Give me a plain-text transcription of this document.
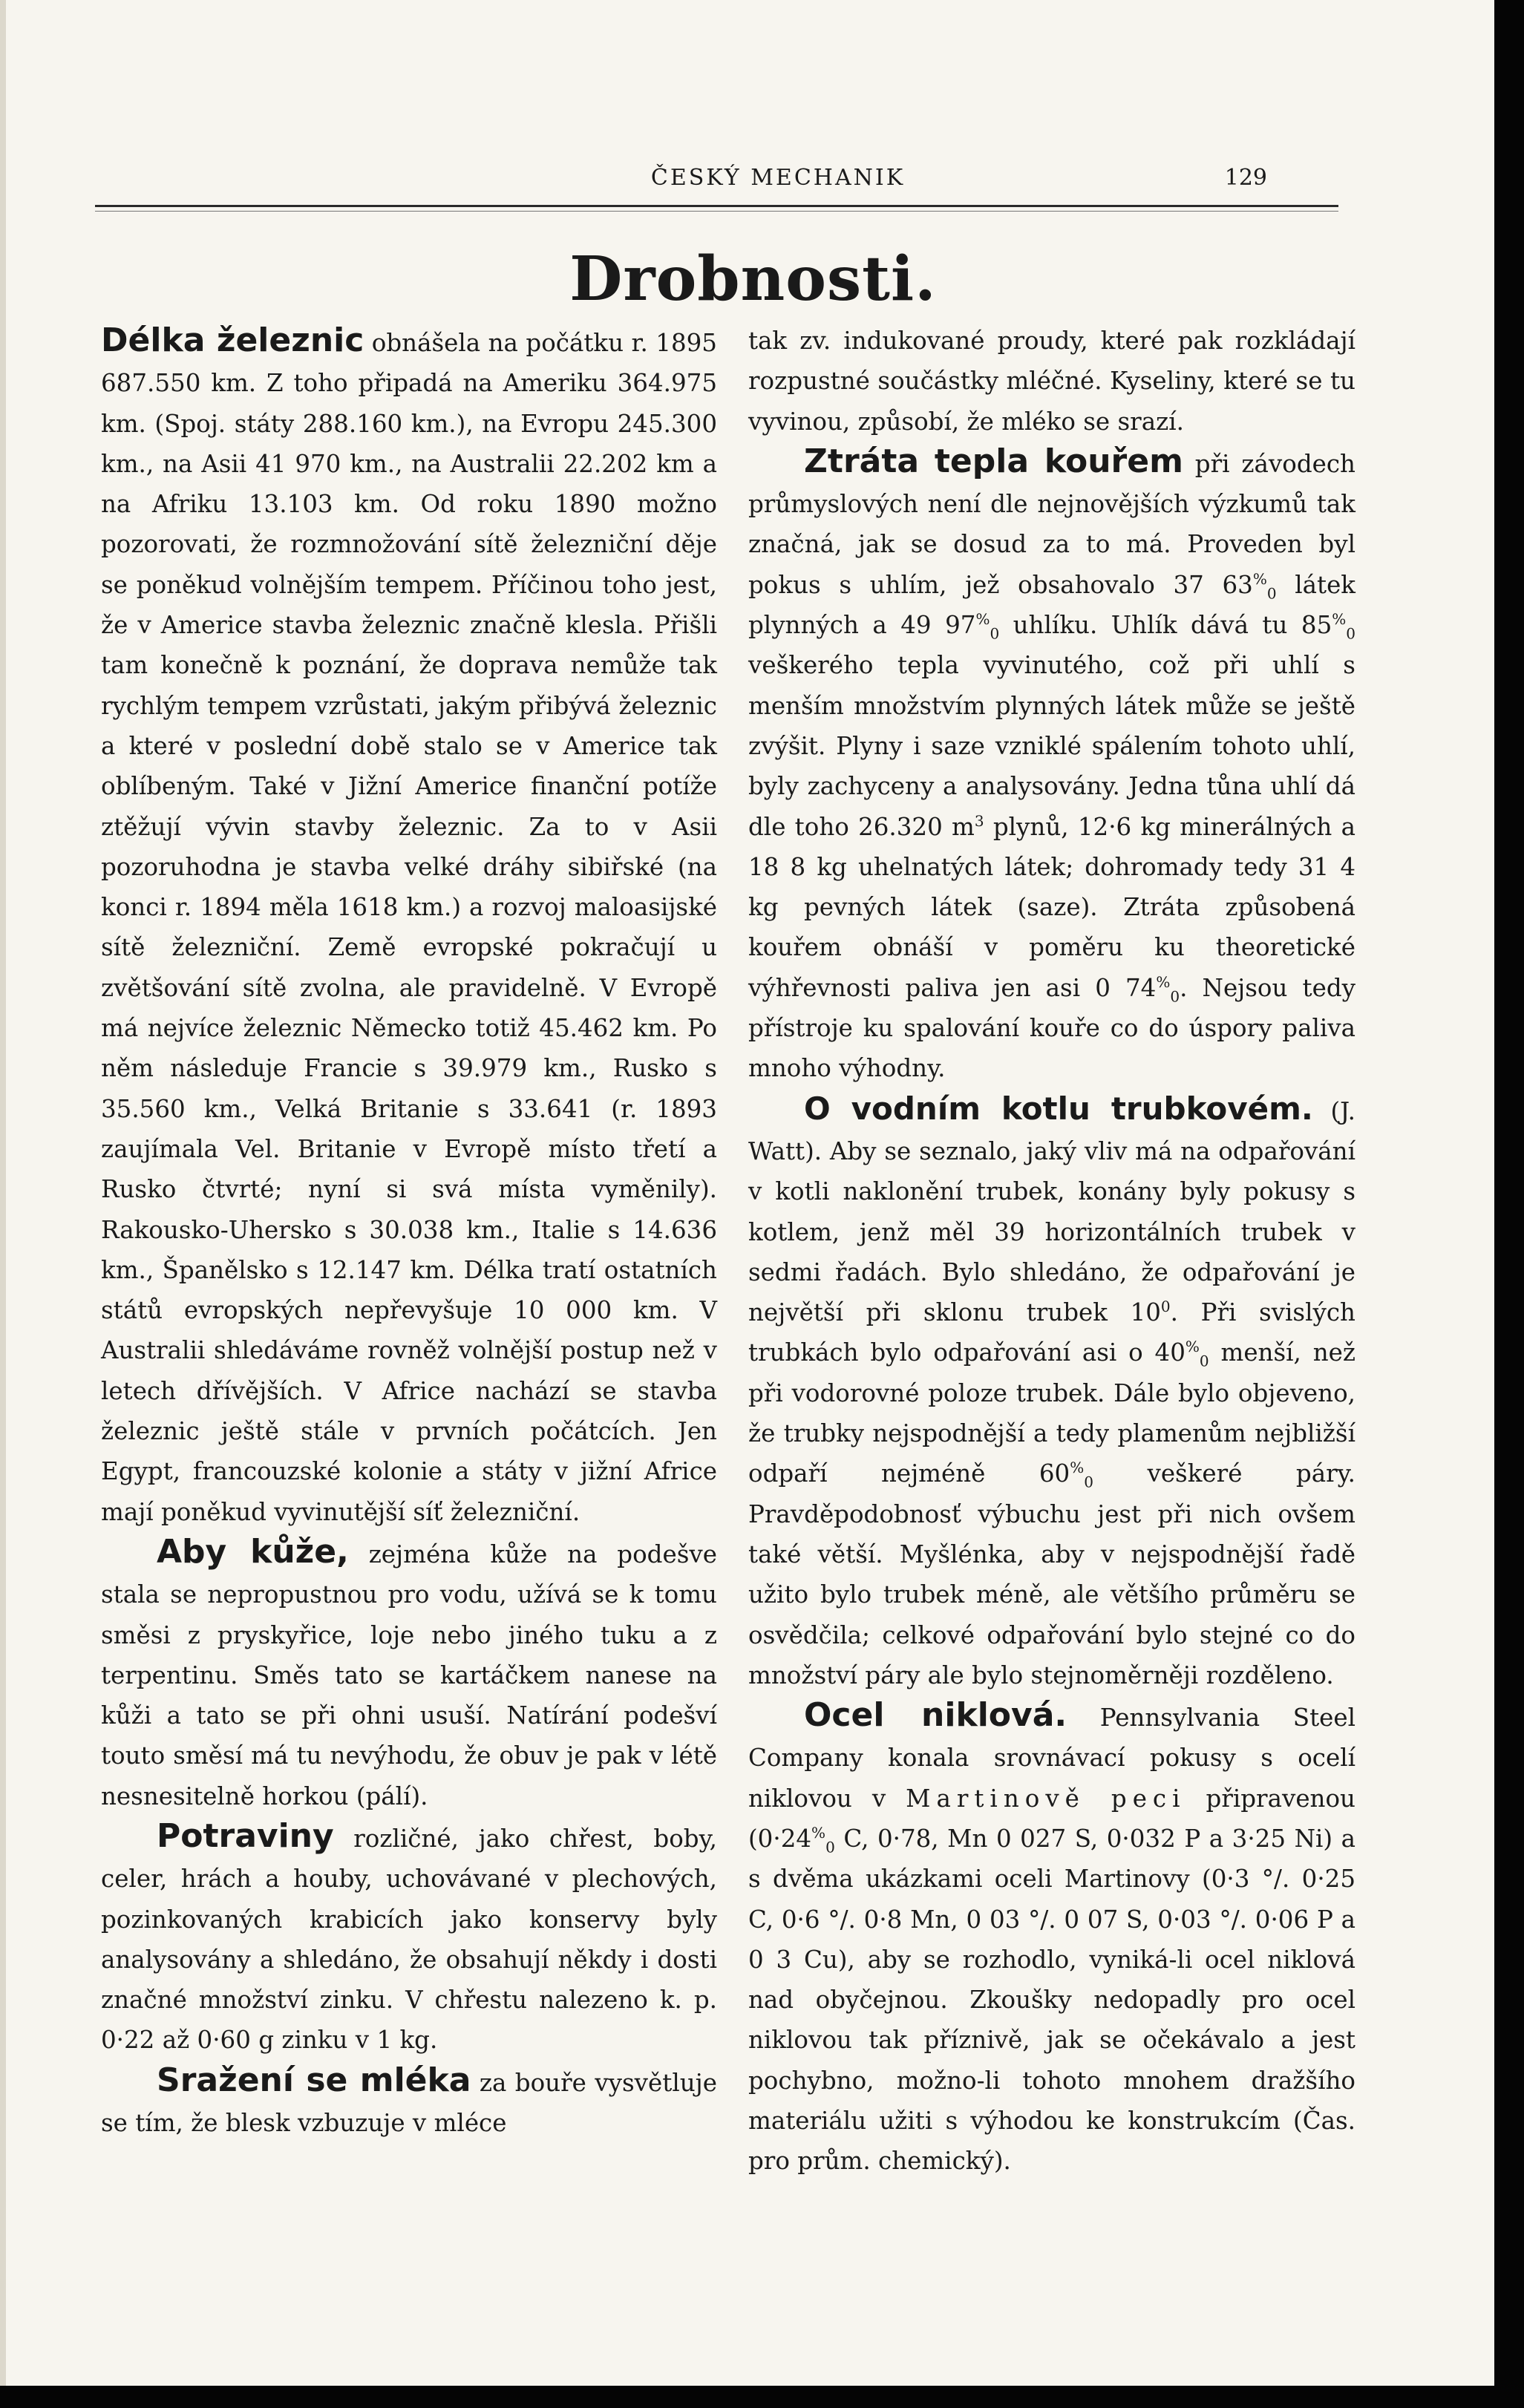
ČESKÝ MECHANIK	129
Drobnosti.

Délka železnic obnášela na počátku r. 1895 687.550 km. Z toho připadá na Ameriku 364.975 km. (Spoj. státy 288.160 km.), na Evropu 245.300 km., na Asii 41 970 km., na Australii 22.202 km a na Afriku 13.103 km. Od roku 1890 možno pozorovati, že rozmnožování sítě železniční děje se poněkud volnějším tempem. Příčinou toho jest, že v Americe stavba železnic značně klesla. Přišli tam konečně k poznání, že doprava nemůže tak rychlým tempem vzrůstati, jakým přibývá železnic a které v poslední době stalo se v Americe tak oblíbeným. Také v Jižní Americe finanční potíže ztěžují vývin stavby železnic. Za to v Asii pozoruhodna je stavba velké dráhy sibiřské (na konci r. 1894 měla 1618 km.) a rozvoj maloasijské sítě železniční. Země evropské pokračují u zvětšování sítě zvolna, ale pravidelně. V Evropě má nejvíce železnic Německo totiž 45.462 km. Po něm následuje Francie s 39.979 km., Rusko s 35.560 km., Velká Britanie s 33.641 (r. 1893 zaujímala Vel. Britanie v Evropě místo třetí a Rusko čtvrté; nyní si svá místa vyměnily). Rakousko-Uhersko s 30.038 km., Italie s 14.636 km., Španělsko s 12.147 km. Délka tratí ostatních států evropských nepřevyšuje 10 000 km. V Australii shledáváme rovněž volnější postup než v letech dřívějších. V Africe nachází se stavba železnic ještě stále v prvních počátcích. Jen Egypt, francouzské kolonie a státy v jižní Africe mají poněkud vyvinutější síť železniční.

Aby kůže, zejména kůže na podešve stala se nepropustnou pro vodu, užívá se k tomu směsi z pryskyřice, loje nebo jiného tuku a z terpentinu. Směs tato se kartáčkem nanese na kůži a tato se při ohni usuší. Natírání podešví touto směsí má tu nevýhodu, že obuv je pak v létě nesnesitelně horkou (pálí).

Potraviny rozličné, jako chřest, boby, celer, hrách a houby, uchovávané v plechových, pozinkovaných krabicích jako konservy byly analysovány a shledáno, že obsahují někdy i dosti značné množství zinku. V chřestu nalezeno k. p. 0·22 až 0·60 g zinku v 1 kg.

Sražení se mléka za bouře vysvětluje se tím, že blesk vzbuzuje v mléce

tak zv. indukované proudy, které pak rozkládají rozpustné součástky mléčné. Kyseliny, které se tu vyvinou, způsobí, že mléko se srazí.

Ztráta tepla kouřem při závodech průmyslových není dle nejnovějších výzkumů tak značná, jak se dosud za to má. Proveden byl pokus s uhlím, jež obsahovalo 37 $63^{\%}_0$ látek plynných a 49 $97^{\%}_0$ uhlíku. Uhlík dává tu $85^{\%}_0$ veškerého tepla vyvinutého, což při uhlí s menším množstvím plynných látek může se ještě zvýšit. Plyny i saze vzniklé spálením tohoto uhlí, byly zachyceny a analysovány. Jedna tůna uhlí dá dle toho 26.320 $m^3$ plynů, 12·6 kg minerálných a 18 8 kg uhelnatých látek; dohromady tedy 31 4 kg pevných látek (saze). Ztráta způsobená kouřem obnáší v poměru ku theoretické výhřevnosti paliva jen asi 0 $74^{\%}_0$. Nejsou tedy přístroje ku spalování kouře co do úspory paliva mnoho výhodny.

O vodním kotlu trubkovém. (J. Watt). Aby se seznalo, jaký vliv má na odpařování v kotli naklonění trubek, konány byly pokusy s kotlem, jenž měl 39 horizontálních trubek v sedmi řadách. Bylo shledáno, že odpařování je největší při sklonu trubek $10^0$. Při svislých trubkách bylo odpařování asi o $40^{\%}_0$ menší, než při vodorovné poloze trubek. Dále bylo objeveno, že trubky nejspodnější a tedy plamenům nejbližší odpaří nejméně $60^{\%}_0$ veškeré páry. Pravděpodobnosť výbuchu jest při nich ovšem také větší. Myšlénka, aby v nejspodnější řadě užito bylo trubek méně, ale většího průměru se osvědčila; celkové odpařování bylo stejné co do množství páry ale bylo stejnoměrněji rozděleno.

Ocel niklová. Pennsylvania Steel Company konala srovnávací pokusy s ocelí niklovou v Martinově peci připravenou ($0\cdot 24^{\%}_0$ C, 0·78, Mn 0 027 S, 0·032 P a 3·25 Ni) a s dvěma ukázkami oceli Martinovy (0·3 °/. 0·25 C, 0·6 °/. 0·8 Mn, 0 03 °/. 0 07 S, 0·03 °/. 0·06 P a 0 3 Cu), aby se rozhodlo, vyniká-li ocel niklová nad obyčejnou. Zkoušky nedopadly pro ocel niklovou tak příznivě, jak se očekávalo a jest pochybno, možno-li tohoto mnohem dražšího materiálu užiti s výhodou ke konstrukcím (Čas. pro prům. chemický).
